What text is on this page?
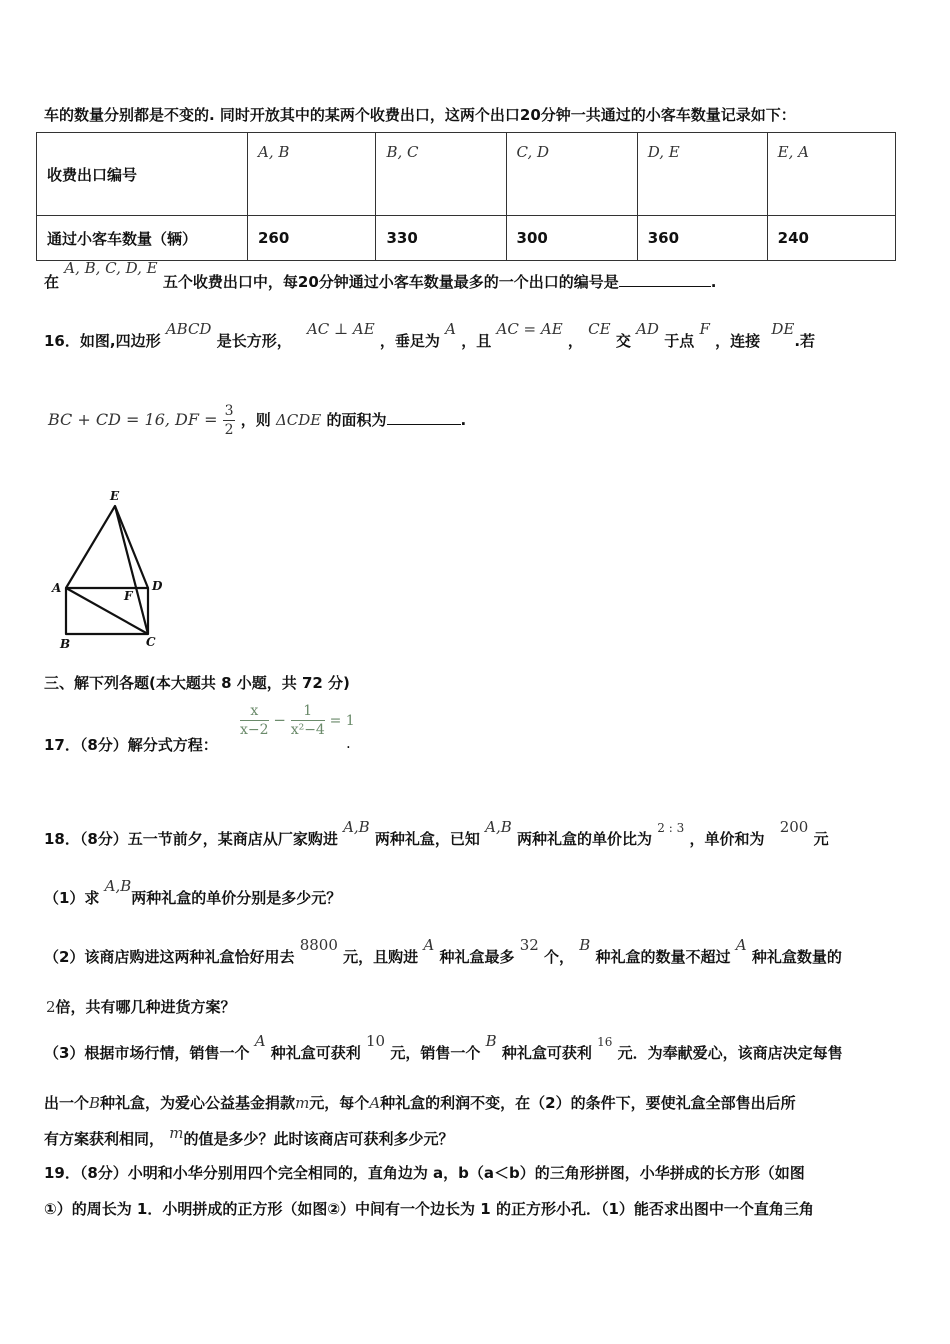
车的数量分别都是不变的. 同时开放其中的某两个收费出口，这两个出口20分钟一共通过的小客车数量记录如下：
收费出口编号	A, B	B, C	C, D	D, E	E, A
通过小客车数量（辆）	260	330	300	360	240
在 A, B, C, D, E 五个收费出口中，每20分钟通过小客车数量最多的一个出口的编号是	.
16．如图,四边形 ABCD 是长方形， AC ⊥ AE ，垂足为 A ，且 AC = AE ， CE 交 AD 于点 F ，连接 DE.若
BC + CD = 16, DF = $\frac{3}{2}$ ，则 ΔCDE 的面积为	.
E
A	D
F
B	C
三、解下列各题(本大题共 8 小题，共 72 分)
$\frac{x}{x-2} - \frac{1}{\text{x²−4}} = 1$
17．（8分）解分式方程：	.
18．（8分）五一节前夕，某商店从厂家购进 A,B 两种礼盒，已知 A,B 两种礼盒的单价比为 $^{2 : 3}$ ，单价和为 200 元
（1）求 A,B两种礼盒的单价分别是多少元？
（2）该商店购进这两种礼盒恰好用去 8800 元，且购进 A 种礼盒最多 32 个， B 种礼盒的数量不超过 A 种礼盒数量的
2倍，共有哪几种进货方案？
（3）根据市场行情，销售一个 A 种礼盒可获利 10 元，销售一个 B 种礼盒可获利 $^{16}$ 元．为奉献爱心，该商店决定每售
出一个B种礼盒，为爱心公益基金捐款m元，每个A种礼盒的利润不变，在（2）的条件下，要使礼盒全部售出后所
有方案获利相同， m的值是多少？此时该商店可获利多少元？
19．（8分）小明和小华分别用四个完全相同的，直角边为 a，b（a＜b）的三角形拼图，小华拼成的长方形（如图
①）的周长为 1．小明拼成的正方形（如图②）中间有一个边长为 1 的正方形小孔．（1）能否求出图中一个直角三角
